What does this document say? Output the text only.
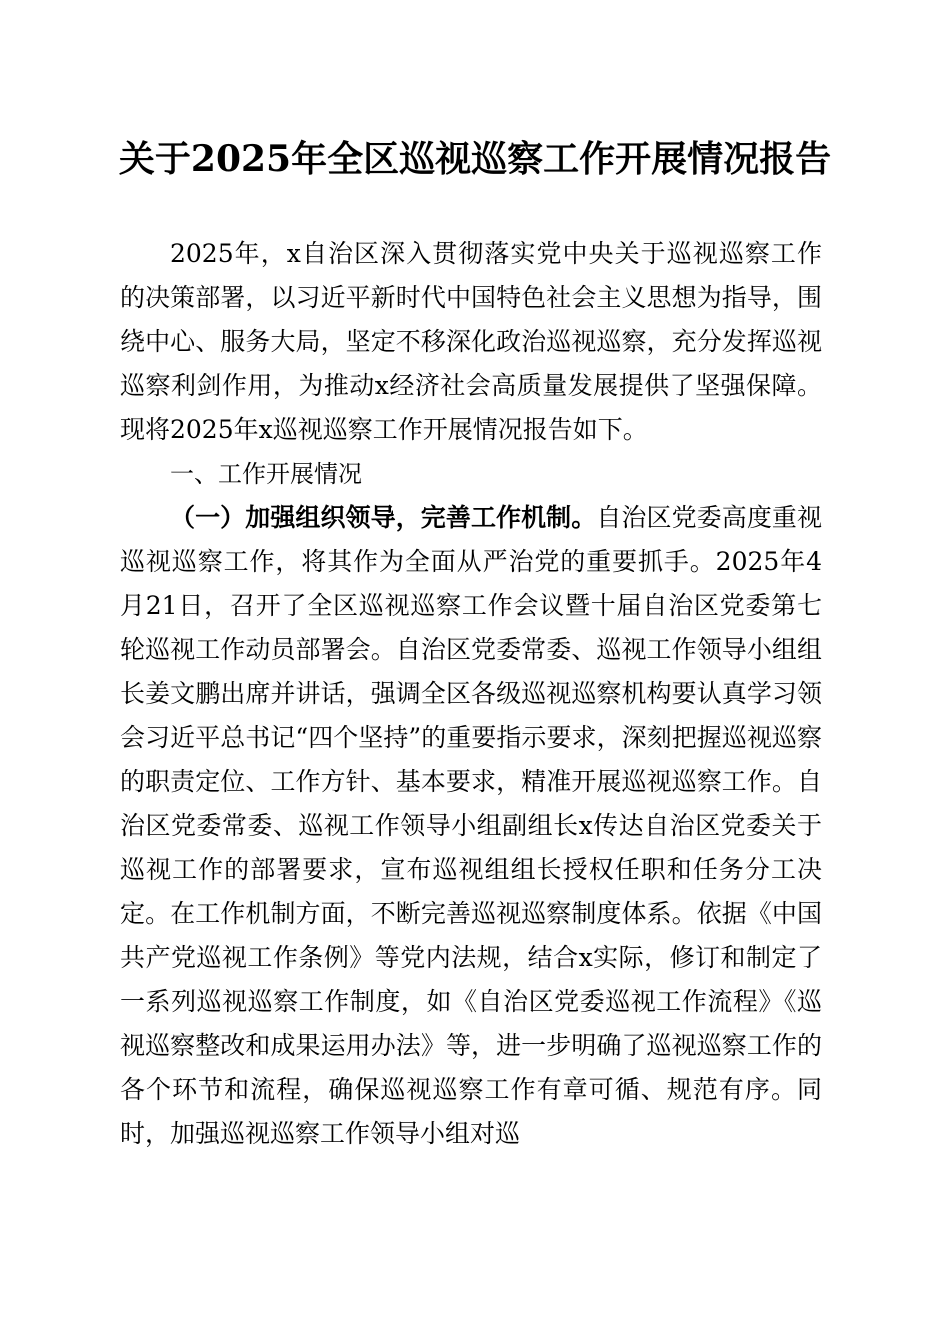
关于2025年全区巡视巡察工作开展情况报告

2025年，x自治区深入贯彻落实党中央关于巡视巡察工作的决策部署，以习近平新时代中国特色社会主义思想为指导，围绕中心、服务大局，坚定不移深化政治巡视巡察，充分发挥巡视巡察利剑作用，为推动x经济社会高质量发展提供了坚强保障。现将2025年x巡视巡察工作开展情况报告如下。

一、工作开展情况

（一）加强组织领导，完善工作机制。自治区党委高度重视巡视巡察工作，将其作为全面从严治党的重要抓手。2025年4月21日，召开了全区巡视巡察工作会议暨十届自治区党委第七轮巡视工作动员部署会。自治区党委常委、巡视工作领导小组组长姜文鹏出席并讲话，强调全区各级巡视巡察机构要认真学习领会习近平总书记“四个坚持”的重要指示要求，深刻把握巡视巡察的职责定位、工作方针、基本要求，精准开展巡视巡察工作。自治区党委常委、巡视工作领导小组副组长x传达自治区党委关于巡视工作的部署要求，宣布巡视组组长授权任职和任务分工决定。在工作机制方面，不断完善巡视巡察制度体系。依据《中国共产党巡视工作条例》等党内法规，结合x实际，修订和制定了一系列巡视巡察工作制度，如《自治区党委巡视工作流程》《巡视巡察整改和成果运用办法》等，进一步明确了巡视巡察工作的各个环节和流程，确保巡视巡察工作有章可循、规范有序。同时，加强巡视巡察工作领导小组对巡
